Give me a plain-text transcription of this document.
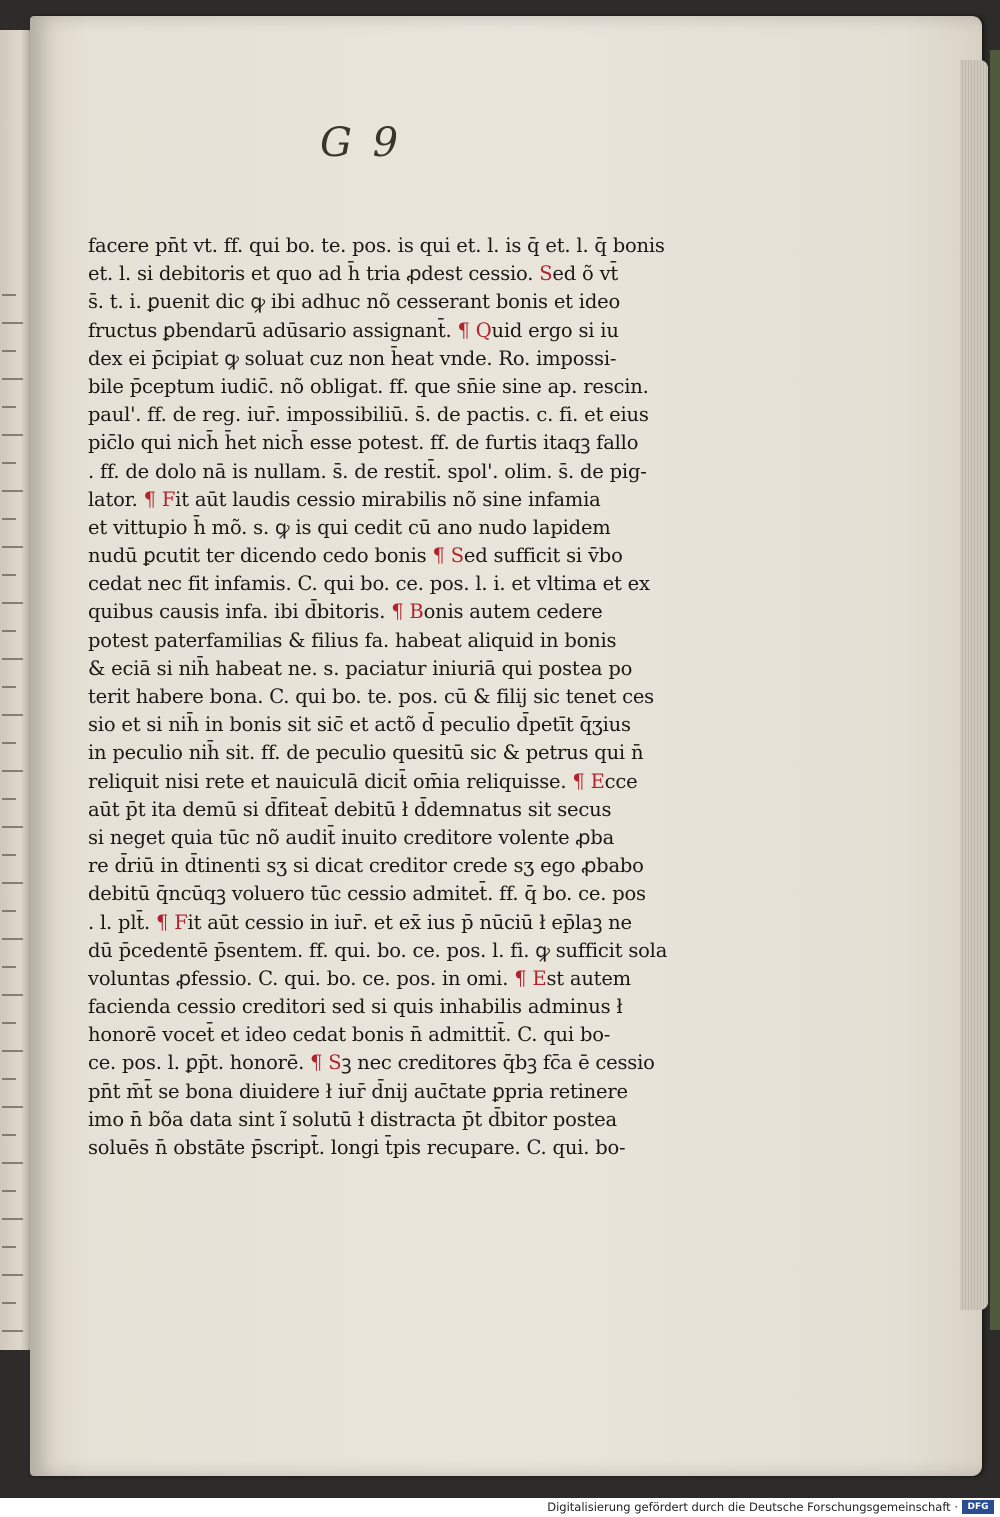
G 9
facere pn̄t vt. ff. qui bo. te. pos. is qui et. l. is q̄ et. l. q̄ bonis
et. l. si debitoris et quo ad h̄ tria ꝓdest cessio. Sed õ vt̄
s̄. t. i. ꝑuenit dic ꝙ ibi adhuc nõ cesserant bonis et ideo
fructus ꝑbendarū adūsario assignant̄. ¶ Quid ergo si iu
dex ei p̄cipiat ꝙ soluat cuz non h̄eat vnde. Ro. impossi-
bile p̄ceptum iudic̄. nõ obligat. ff. que sn̄ie sine ap. rescin.
paul'. ff. de reg. iur̄. impossibiliū. s̄. de pactis. c. fi. et eius
pi̇c̄lo qui nich̄ h̄et nich̄ esse potest. ff. de furtis itaqꝫ fallo
. ff. de dolo nā is nullam. s̄. de restit̄. spol'. olim. s̄. de pig-
lator. ¶ Fit aūt laudis cessio mirabilis nõ sine infamia
et vittupio h̄ mõ. s. ꝙ is qui cedit cū ano nudo lapidem
nudū ꝑcutit ter dicendo cedo bonis ¶ Sed sufficit si v̄bo
cedat nec fit infamis. C. qui bo. ce. pos. l. i. et vltima et ex
quibus causis infa. ibi d̄bitoris. ¶ Bonis autem cedere
potest paterfamilias & filius fa. habeat aliquid in bonis
& eciā si nih̄ habeat ne. s. paciatur iniuriā qui postea po
terit habere bona. C. qui bo. te. pos. cū & filij sic tenet ces
sio et si nih̄ in bonis sit sic̄ et actõ d̄ peculio d̄petīt q̄ʒius
in peculio nih̄ sit. ff. de peculio quesitū sic & petrus qui n̄
reliquit nisi rete et nauiculā dicit̄ om̄ia reliquisse. ¶ Ecce
aūt p̄t ita demū si d̄fiteat̄ debitū ł d̄demnatus sit secus
si neget quia tūc nõ audit̄ inuito creditore volente ꝓba
re d̄riū in d̄tinenti sʒ si dicat creditor crede sʒ ego ꝓbabo
debitū q̄ncūqꝫ voluero tūc cessio admitet̄. ff. q̄ bo. ce. pos
. l. plt̄. ¶ Fit aūt cessio in iur̄. et ex̄ ius p̄ nūciū ł ep̄laꝫ ne
dū p̄cedentē p̄sentem. ff. qui. bo. ce. pos. l. fi. ꝙ sufficit sola
voluntas ꝓfessio. C. qui. bo. ce. pos. in omi. ¶ Est autem
facienda cessio creditori sed si quis inhabilis adminus ł
honorē vocet̄ et ideo cedat bonis n̄ admittit̄. C. qui bo-
ce. pos. l. ꝑp̄t. honorē. ¶ Sꝫ nec creditores q̄bꝫ fc̄a ē cessio
pn̄t m̄t̄ se bona diuidere ł iur̄ d̄nij auc̄tate ꝑpria retinere
imo n̄ bõa data sint ĩ solutū ł distracta p̄t d̄bitor postea
soluēs n̄ obstāte p̄script̄. longi t̄pis recupare. C. qui. bo-
Digitalisierung gefördert durch die Deutsche Forschungsgemeinschaft ·	DFG
